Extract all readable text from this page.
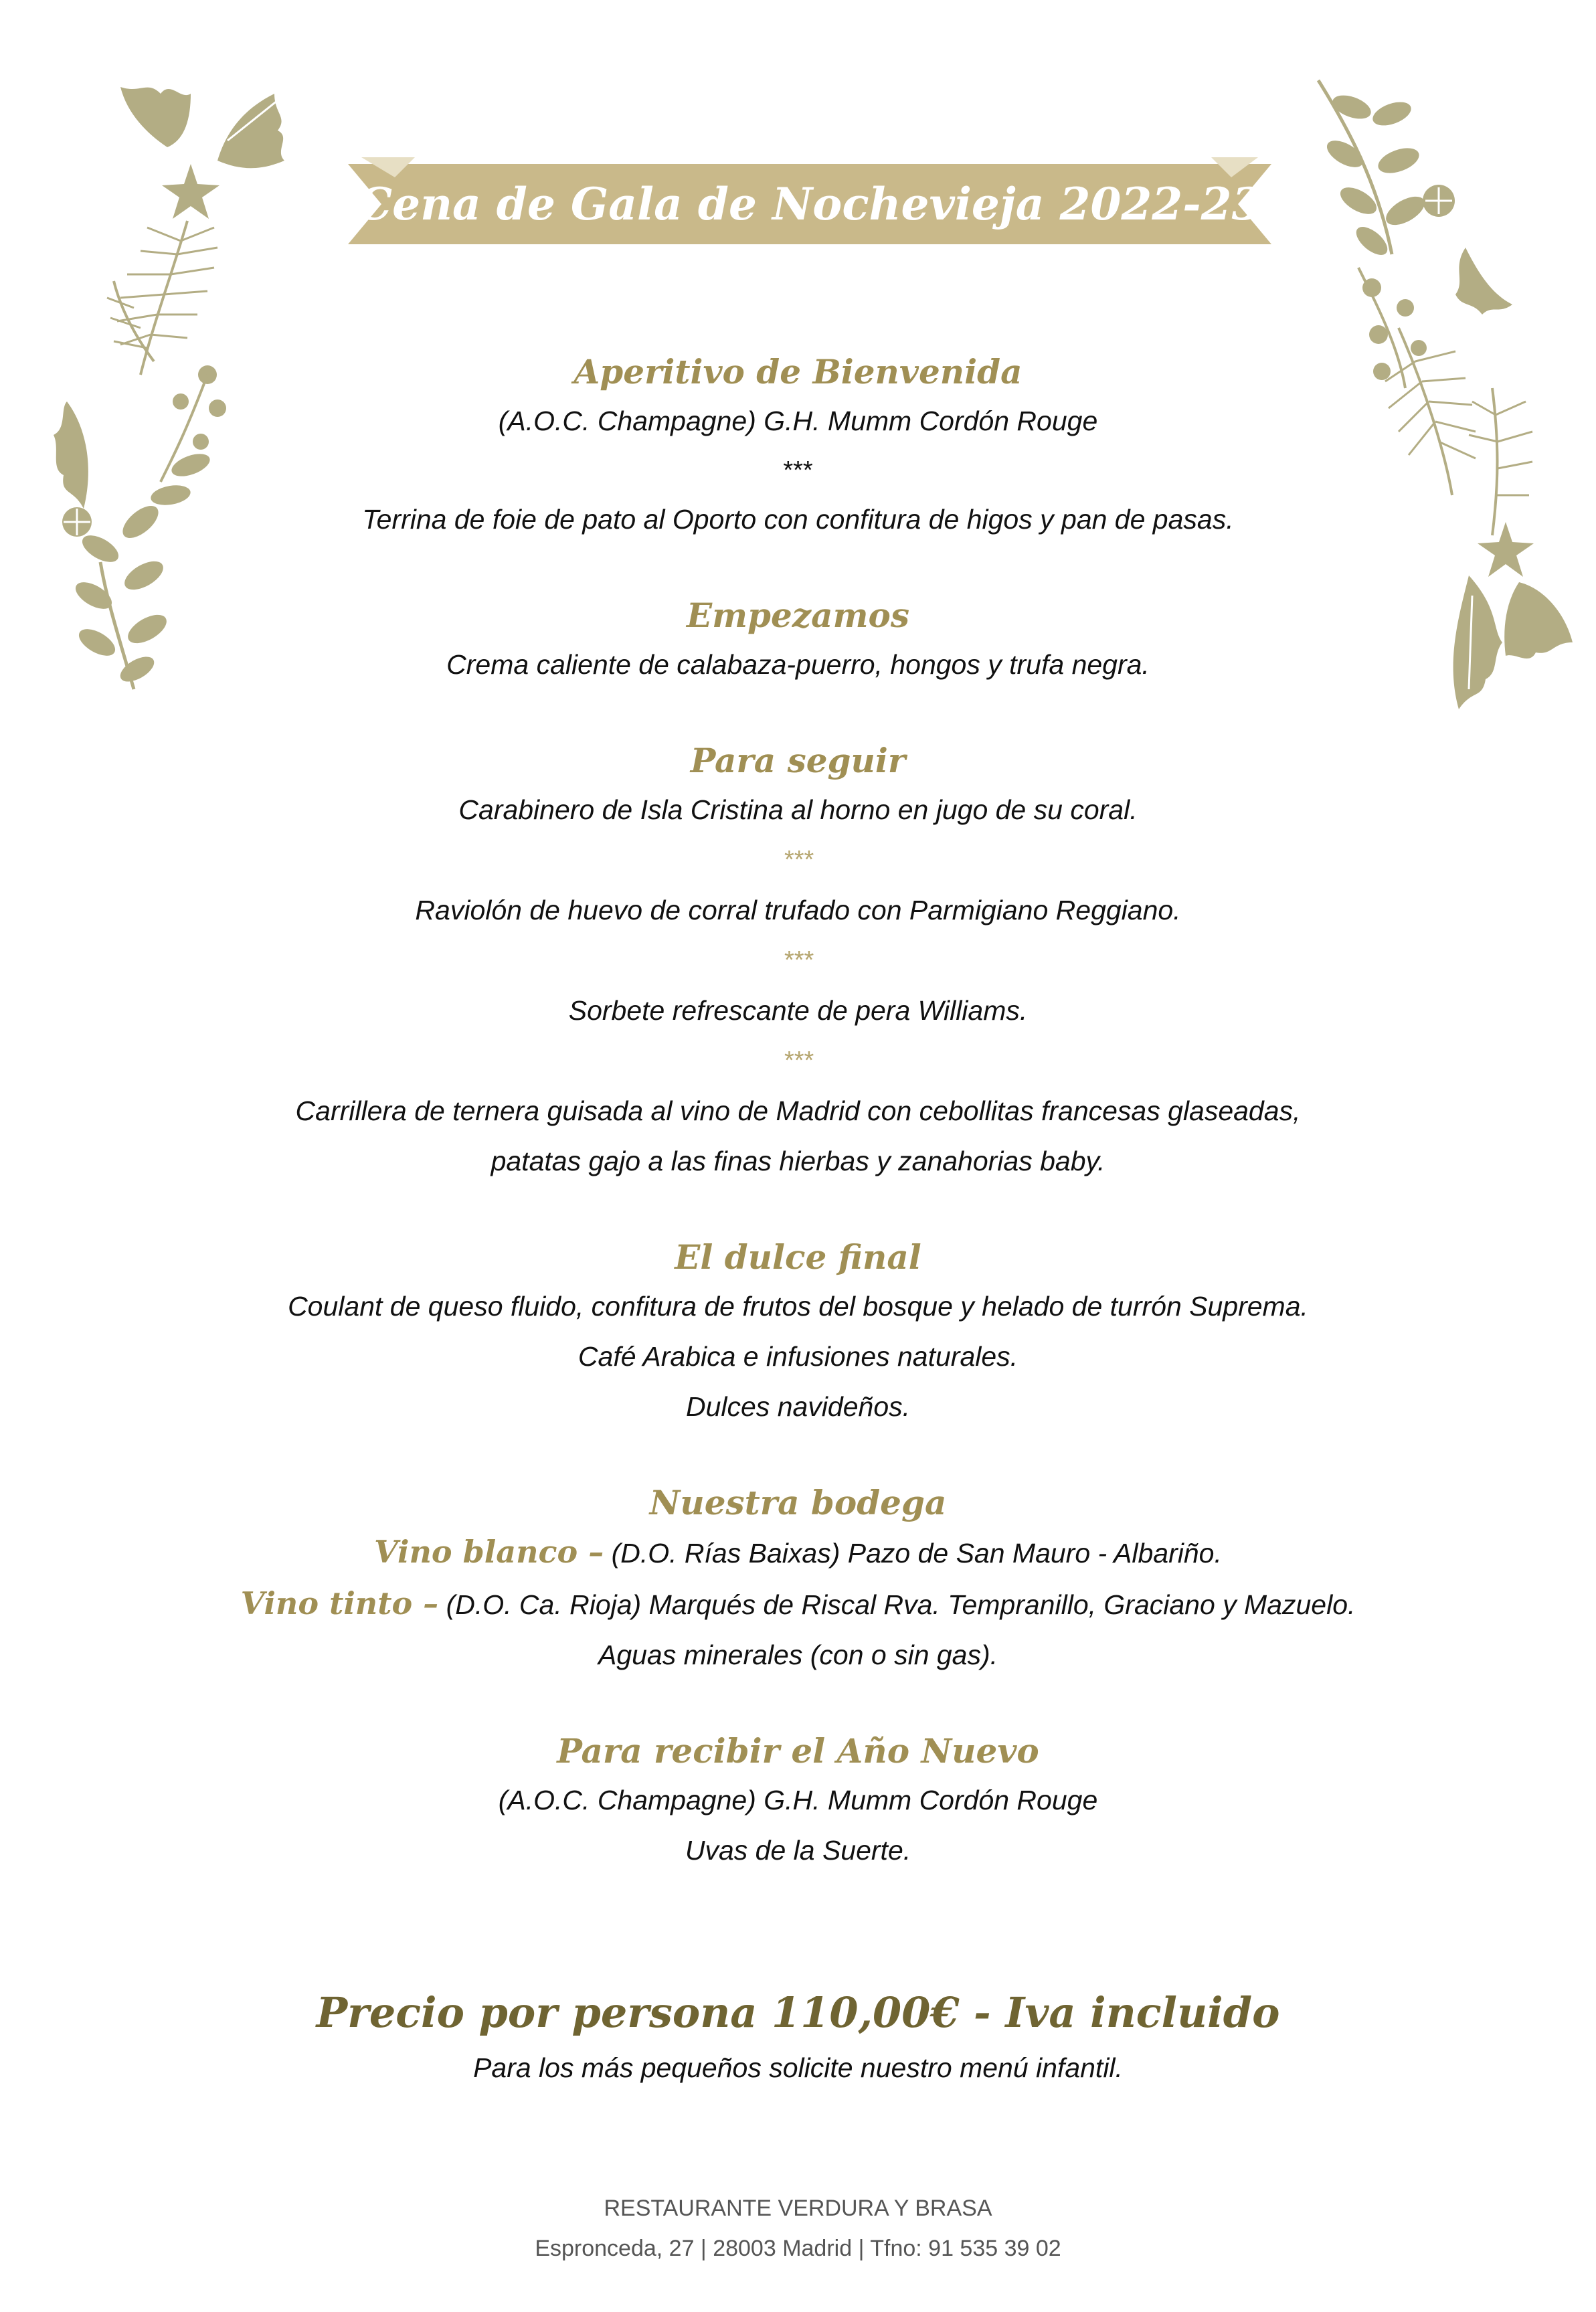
Cena de Gala de Nochevieja 2022-23

Aperitivo de Bienvenida

(A.O.C. Champagne) G.H. Mumm Cordón Rouge

***

Terrina de foie de pato al Oporto con confitura de higos y pan de pasas.

Empezamos

Crema caliente de calabaza-puerro, hongos y trufa negra.

Para seguir

Carabinero de Isla Cristina al horno en jugo de su coral.

***

Raviolón de huevo de corral trufado con Parmigiano Reggiano.

***

Sorbete refrescante de pera Williams.

***

Carrillera de ternera guisada al vino de Madrid con cebollitas francesas glaseadas,

patatas gajo a las finas hierbas y zanahorias baby.

El dulce final

Coulant de queso fluido, confitura de frutos del bosque y helado de turrón Suprema.

Café Arabica e infusiones naturales.

Dulces navideños.

Nuestra bodega

Vino blanco – (D.O. Rías Baixas) Pazo de San Mauro - Albariño.

Vino tinto – (D.O. Ca. Rioja) Marqués de Riscal Rva. Tempranillo, Graciano y Mazuelo.

Aguas minerales (con o sin gas).

Para recibir el Año Nuevo

(A.O.C. Champagne) G.H. Mumm Cordón Rouge

Uvas de la Suerte.

Precio por persona 110,00€ - Iva incluido

Para los más pequeños solicite nuestro menú infantil.

RESTAURANTE VERDURA Y BRASA
Espronceda, 27 | 28003 Madrid | Tfno: 91 535 39 02
